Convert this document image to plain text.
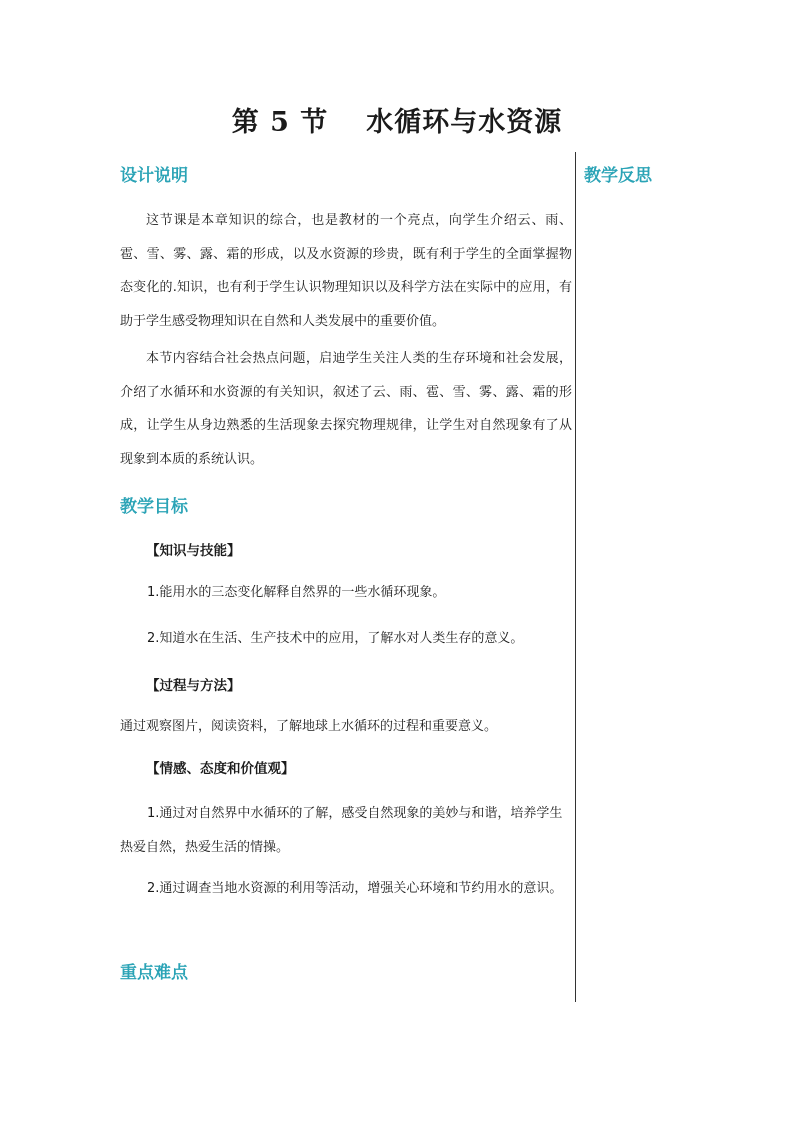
第 5 节 水循环与水资源
教学反思
设计说明

这节课是本章知识的综合，也是教材的一个亮点，向学生介绍云、雨、雹、雪、雾、露、霜的形成，以及水资源的珍贵，既有利于学生的全面掌握物态变化的.知识，也有利于学生认识物理知识以及科学方法在实际中的应用，有助于学生感受物理知识在自然和人类发展中的重要价值。

本节内容结合社会热点问题，启迪学生关注人类的生存环境和社会发展，介绍了水循环和水资源的有关知识，叙述了云、雨、雹、雪、雾、露、霜的形成，让学生从身边熟悉的生活现象去探究物理规律，让学生对自然现象有了从现象到本质的系统认识。

教学目标

【知识与技能】

1.能用水的三态变化解释自然界的一些水循环现象。

2.知道水在生活、生产技术中的应用，了解水对人类生存的意义。

【过程与方法】

通过观察图片，阅读资料，了解地球上水循环的过程和重要意义。

【情感、态度和价值观】

1.通过对自然界中水循环的了解，感受自然现象的美妙与和谐，培养学生热爱自然，热爱生活的情操。

2.通过调查当地水资源的利用等活动，增强关心环境和节约用水的意识。

重点难点
